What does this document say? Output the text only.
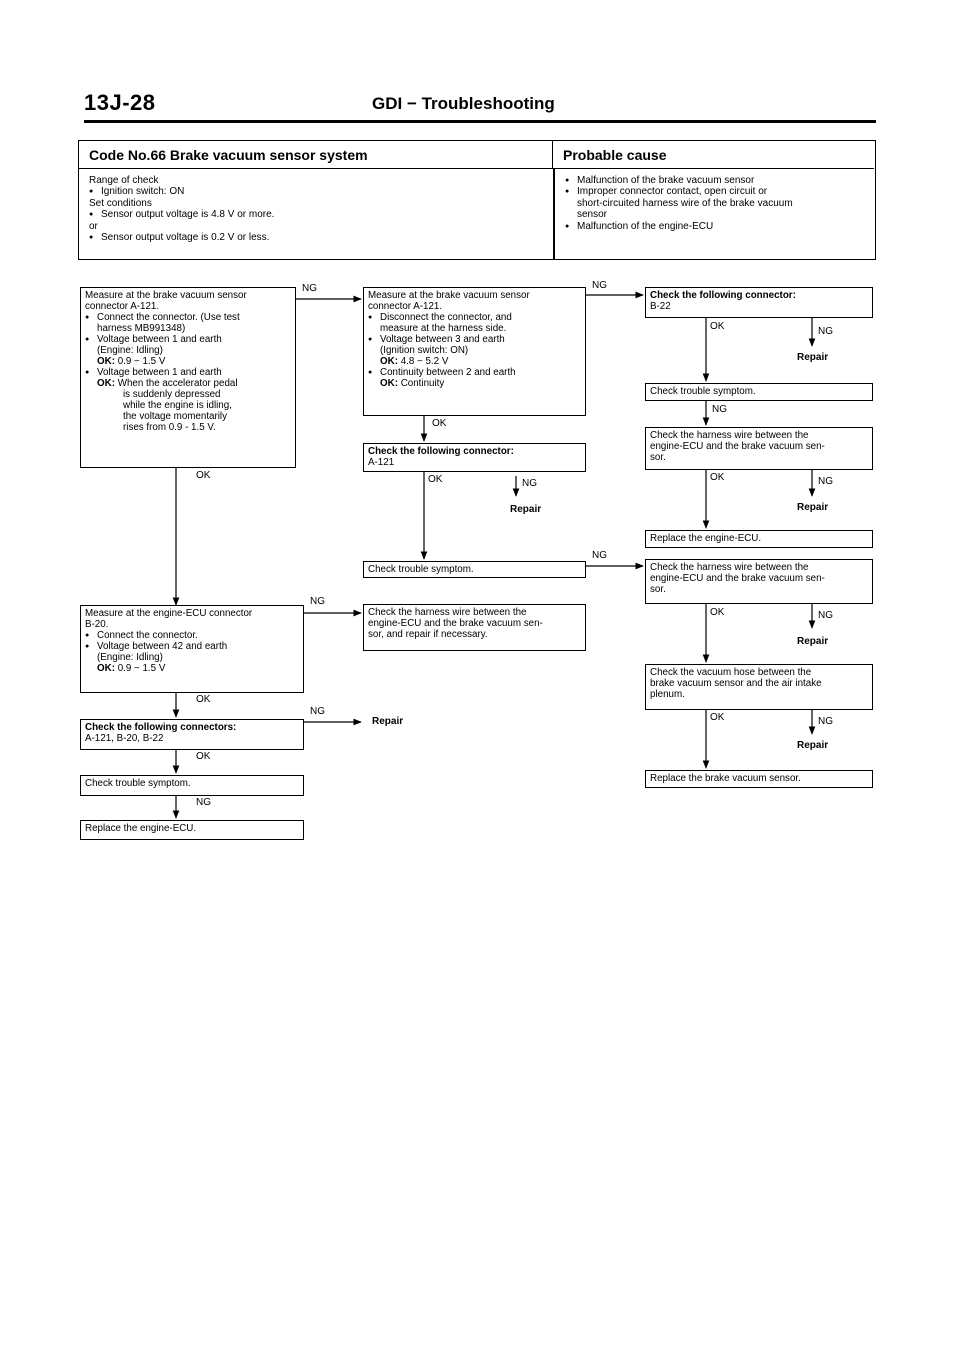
13J-28	GDI − Troubleshooting
Code No.66 Brake vacuum sensor system	Probable cause
Range of check
● Ignition switch: ON
Set conditions
● Sensor output voltage is 4.8 V or more.
or
● Sensor output voltage is 0.2 V or less.
● Malfunction of the brake vacuum sensor
● Improper connector contact, open circuit or
short-circuited harness wire of the brake vacuum
sensor
● Malfunction of the engine-ECU
Measure at the brake vacuum sensor
connector A-121.
● Connect the connector. (Use test
harness MB991348)
● Voltage between 1 and earth
(Engine: Idling)
OK: 0.9 − 1.5 V
● Voltage between 1 and earth
OK: When the accelerator pedal
is suddenly depressed
while the engine is idling,
the voltage momentarily
rises from 0.9 - 1.5 V.
NG
OK
Measure at the brake vacuum sensor
connector A-121.
● Disconnect the connector, and
measure at the harness side.
● Voltage between 3 and earth
(Ignition switch: ON)
OK: 4.8 − 5.2 V
● Continuity between 2 and earth
OK: Continuity
NG
OK
Check the following connector:
A-121
OK	NG
Repair
Check trouble symptom.
NG
Check the harness wire between the
engine-ECU and the brake vacuum sen-
sor, and repair if necessary.
Measure at the engine-ECU connector
B-20.
● Connect the connector.
● Voltage between 42 and earth
(Engine: Idling)
OK: 0.9 − 1.5 V
NG
OK
Check the following connectors:
A-121, B-20, B-22
NG
Repair
OK
Check trouble symptom.
NG
Replace the engine-ECU.
Check the following connector:
B-22
OK	NG
Repair
Check trouble symptom.
NG
Check the harness wire between the
engine-ECU and the brake vacuum sen-
sor.
OK	NG
Repair
Replace the engine-ECU.
Check the harness wire between the
engine-ECU and the brake vacuum sen-
sor.
OK	NG
Repair
Check the vacuum hose between the
brake vacuum sensor and the air intake
plenum.
OK	NG
Repair
Replace the brake vacuum sensor.
